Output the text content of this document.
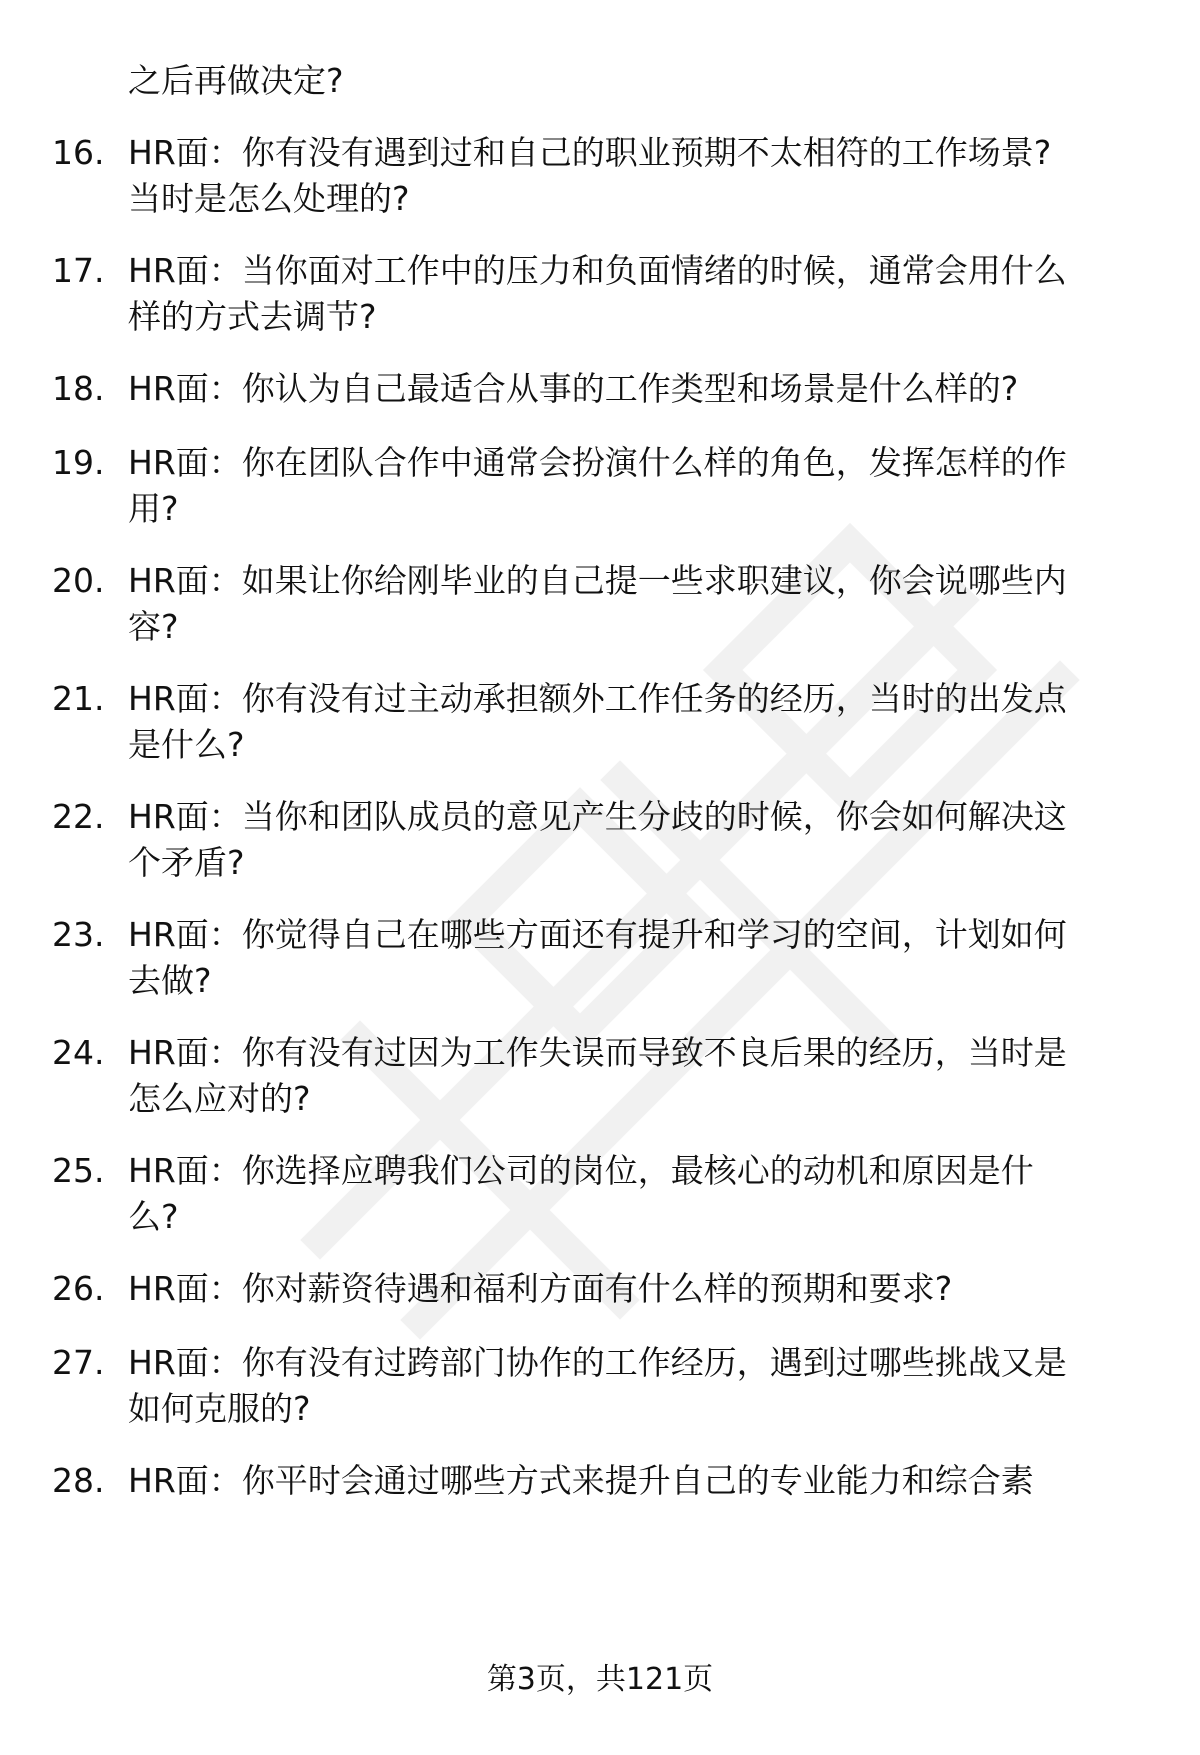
之后再做决定?
16. HR面：你有没有遇到过和自己的职业预期不太相符的工作场景?
当时是怎么处理的?
17. HR面：当你面对工作中的压力和负面情绪的时候，通常会用什么
样的方式去调节?
18. HR面：你认为自己最适合从事的工作类型和场景是什么样的?
19. HR面：你在团队合作中通常会扮演什么样的角色，发挥怎样的作
用?
20. HR面：如果让你给刚毕业的自己提一些求职建议，你会说哪些内
容?
21. HR面：你有没有过主动承担额外工作任务的经历，当时的出发点
是什么?
22. HR面：当你和团队成员的意见产生分歧的时候，你会如何解决这
个矛盾?
23. HR面：你觉得自己在哪些方面还有提升和学习的空间，计划如何
去做?
24. HR面：你有没有过因为工作失误而导致不良后果的经历，当时是
怎么应对的?
25. HR面：你选择应聘我们公司的岗位，最核心的动机和原因是什
么?
26. HR面：你对薪资待遇和福利方面有什么样的预期和要求?
27. HR面：你有没有过跨部门协作的工作经历，遇到过哪些挑战又是
如何克服的?
28. HR面：你平时会通过哪些方式来提升自己的专业能力和综合素
第3页，共121页
